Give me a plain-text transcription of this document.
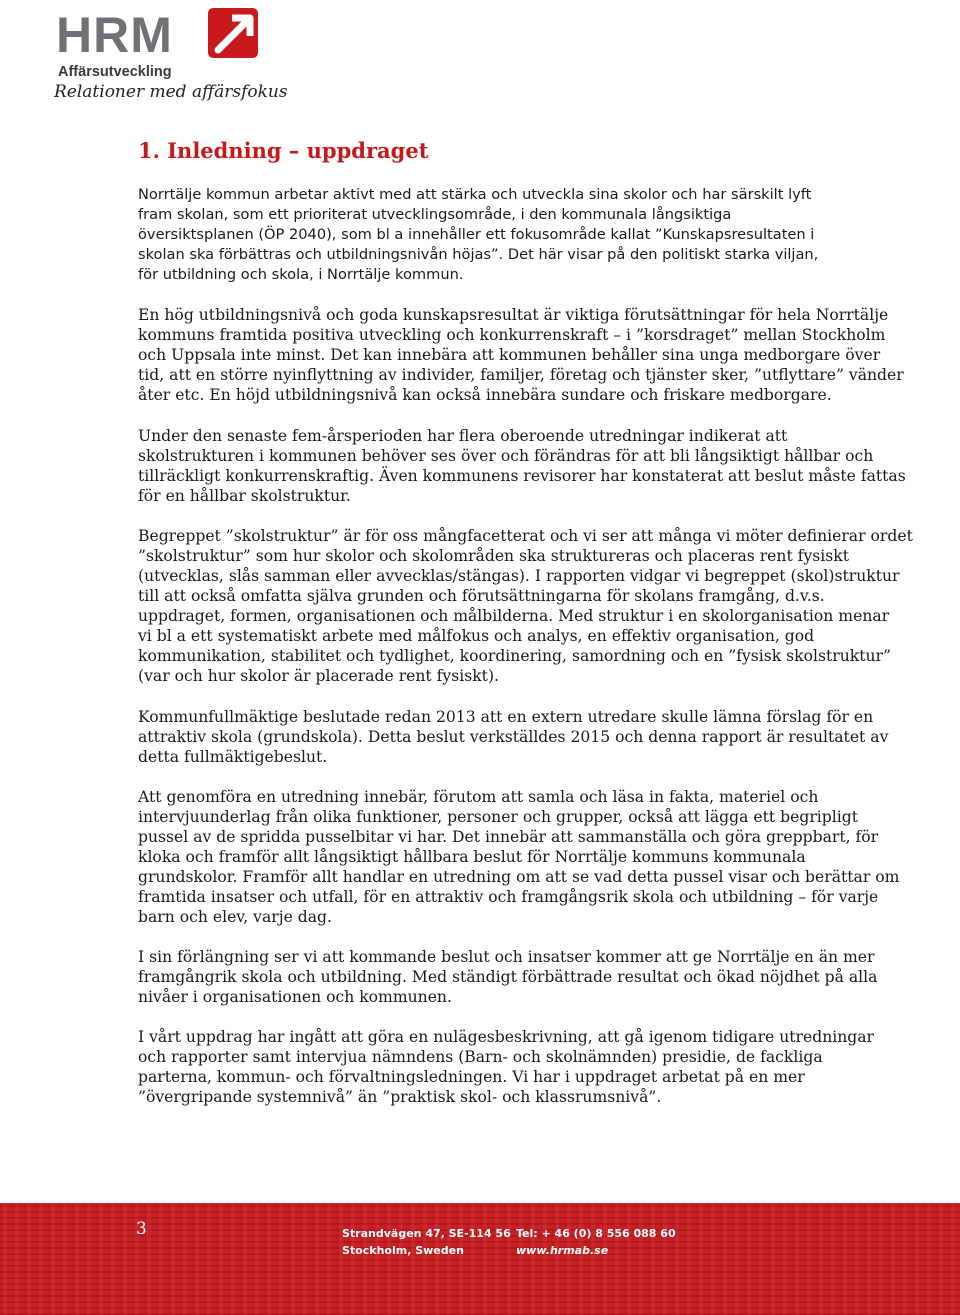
HRM
Affärsutveckling
Relationer med affärsfokus
1. Inledning – uppdraget
Norrtälje kommun arbetar aktivt med att stärka och utveckla sina skolor och har särskilt lyft
fram skolan, som ett prioriterat utvecklingsområde, i den kommunala långsiktiga
översiktsplanen (ÖP 2040), som bl a innehåller ett fokusområde kallat ”Kunskapsresultaten i
skolan ska förbättras och utbildningsnivån höjas”. Det här visar på den politiskt starka viljan,
för utbildning och skola, i Norrtälje kommun.
En hög utbildningsnivå och goda kunskapsresultat är viktiga förutsättningar för hela Norrtälje
kommuns framtida positiva utveckling och konkurrenskraft – i ”korsdraget” mellan Stockholm
och Uppsala inte minst. Det kan innebära att kommunen behåller sina unga medborgare över
tid, att en större nyinflyttning av individer, familjer, företag och tjänster sker, ”utflyttare” vänder
åter etc. En höjd utbildningsnivå kan också innebära sundare och friskare medborgare.
Under den senaste fem-årsperioden har flera oberoende utredningar indikerat att
skolstrukturen i kommunen behöver ses över och förändras för att bli långsiktigt hållbar och
tillräckligt konkurrenskraftig. Även kommunens revisorer har konstaterat att beslut måste fattas
för en hållbar skolstruktur.
Begreppet ”skolstruktur” är för oss mångfacetterat och vi ser att många vi möter definierar ordet
”skolstruktur” som hur skolor och skolområden ska struktureras och placeras rent fysiskt
(utvecklas, slås samman eller avvecklas/stängas). I rapporten vidgar vi begreppet (skol)struktur
till att också omfatta själva grunden och förutsättningarna för skolans framgång, d.v.s.
uppdraget, formen, organisationen och målbilderna. Med struktur i en skolorganisation menar
vi bl a ett systematiskt arbete med målfokus och analys, en effektiv organisation, god
kommunikation, stabilitet och tydlighet, koordinering, samordning och en ”fysisk skolstruktur”
(var och hur skolor är placerade rent fysiskt).
Kommunfullmäktige beslutade redan 2013 att en extern utredare skulle lämna förslag för en
attraktiv skola (grundskola). Detta beslut verkställdes 2015 och denna rapport är resultatet av
detta fullmäktigebeslut.
Att genomföra en utredning innebär, förutom att samla och läsa in fakta, materiel och
intervjuunderlag från olika funktioner, personer och grupper, också att lägga ett begripligt
pussel av de spridda pusselbitar vi har. Det innebär att sammanställa och göra greppbart, för
kloka och framför allt långsiktigt hållbara beslut för Norrtälje kommuns kommunala
grundskolor. Framför allt handlar en utredning om att se vad detta pussel visar och berättar om
framtida insatser och utfall, för en attraktiv och framgångsrik skola och utbildning – för varje
barn och elev, varje dag.
I sin förlängning ser vi att kommande beslut och insatser kommer att ge Norrtälje en än mer
framgångrik skola och utbildning. Med ständigt förbättrade resultat och ökad nöjdhet på alla
nivåer i organisationen och kommunen.
I vårt uppdrag har ingått att göra en nulägesbeskrivning, att gå igenom tidigare utredningar
och rapporter samt intervjua nämndens (Barn- och skolnämnden) presidie, de fackliga
parterna, kommun- och förvaltningsledningen. Vi har i uppdraget arbetat på en mer
”övergripande systemnivå” än ”praktisk skol- och klassrumsnivå”.
3	Strandvägen 47, SE-114 56
Stockholm, Sweden
Tel: + 46 (0) 8 556 088 60
www.hrmab.se
